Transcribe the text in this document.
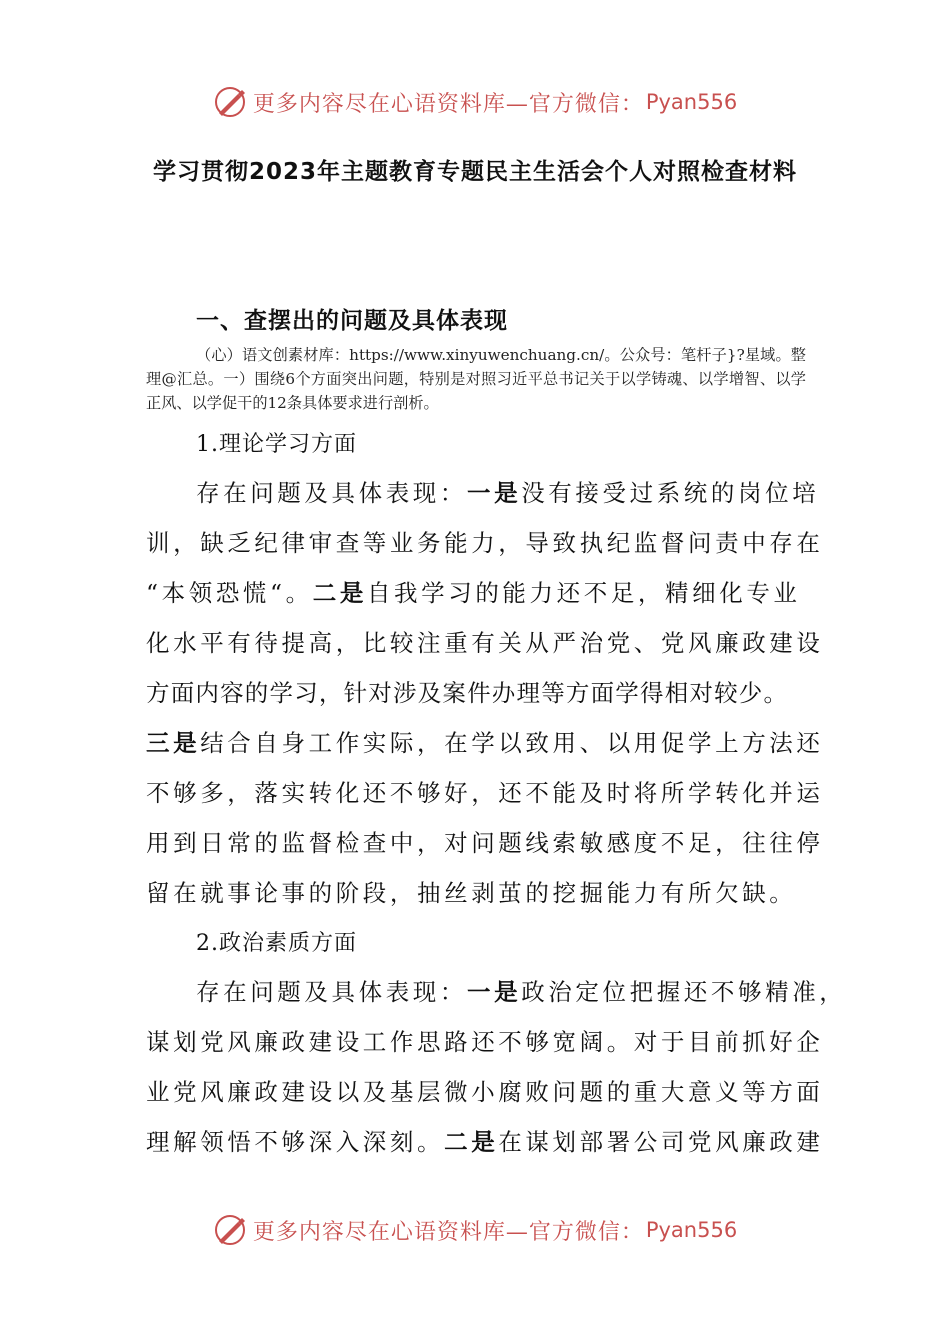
更多内容尽在心语资料库—官方微信： Pyan556
学习贯彻2023年主题教育专题民主生活会个人对照检查材料
一、查摆出的问题及具体表现
（心）语文创素材库：https://www.xinyuwenchuang.cn/。公众号：笔杆子}?星域。整理@汇总。一）围绕6个方面突出问题，特别是对照习近平总书记关于以学铸魂、以学增智、以学正风、以学促干的12条具体要求进行剖析。
1.理论学习方面
存在问题及具体表现：一是没有接受过系统的岗位培
训，缺乏纪律审查等业务能力，导致执纪监督问责中存在
“本领恐慌“。二是自我学习的能力还不足，精细化专业
化水平有待提高，比较注重有关从严治党、党风廉政建设
方面内容的学习，针对涉及案件办理等方面学得相对较少。
三是结合自身工作实际，在学以致用、以用促学上方法还
不够多，落实转化还不够好，还不能及时将所学转化并运
用到日常的监督检查中，对问题线索敏感度不足，往往停
留在就事论事的阶段，抽丝剥茧的挖掘能力有所欠缺。
2.政治素质方面
存在问题及具体表现：一是政治定位把握还不够精准，
谋划党风廉政建设工作思路还不够宽阔。对于目前抓好企
业党风廉政建设以及基层微小腐败问题的重大意义等方面
理解领悟不够深入深刻。二是在谋划部署公司党风廉政建
更多内容尽在心语资料库—官方微信： Pyan556
